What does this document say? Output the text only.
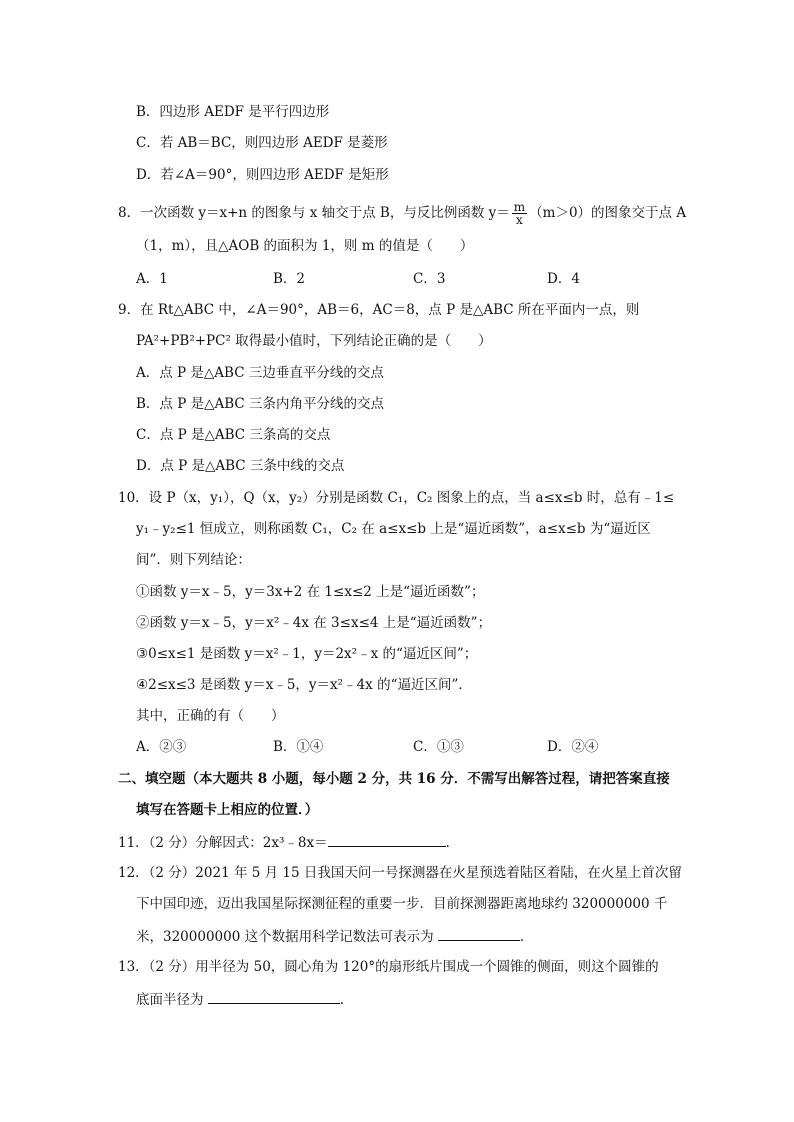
B．四边形 AEDF 是平行四边形
C．若 AB＝BC，则四边形 AEDF 是菱形
D．若∠A＝90°，则四边形 AEDF 是矩形
8．一次函数 y＝x+n 的图象与 x 轴交于点 B，与反比例函数 $y= \frac{m}{x} (m>0)$的图象交于点 A
（1，m），且△AOB 的面积为 1，则 m 的值是（　　）
A．1	B．2	C．3	D．4
9．在 Rt△ABC 中，∠A＝90°，AB＝6，AC＝8，点 P 是△ABC 所在平面内一点，则
PA²+PB²+PC² 取得最小值时，下列结论正确的是（　　）
A．点 P 是△ABC 三边垂直平分线的交点
B．点 P 是△ABC 三条内角平分线的交点
C．点 P 是△ABC 三条高的交点
D．点 P 是△ABC 三条中线的交点
10．设 P（x，y₁），Q（x，y₂）分别是函数 C₁，C₂ 图象上的点，当 a≤x≤b 时，总有﹣1≤
y₁﹣y₂≤1 恒成立，则称函数 C₁，C₂ 在 a≤x≤b 上是“逼近函数”，a≤x≤b 为“逼近区
间”．则下列结论：
①函数 y＝x﹣5，y＝3x+2 在 1≤x≤2 上是“逼近函数”；
②函数 y＝x﹣5，y＝x²﹣4x 在 3≤x≤4 上是“逼近函数”；
③0≤x≤1 是函数 y＝x²﹣1，y＝2x²﹣x 的“逼近区间”；
④2≤x≤3 是函数 y＝x﹣5，y＝x²﹣4x 的“逼近区间”．
其中，正确的有（　　）
A．②③	B．①④	C．①③	D．②④
二、填空题（本大题共 8 小题，每小题 2 分，共 16 分．不需写出解答过程，请把答案直接
填写在答题卡上相应的位置．）
11．（2 分）分解因式：2x³﹣8x＝	．
12．（2 分）2021 年 5 月 15 日我国天问一号探测器在火星预选着陆区着陆，在火星上首次留
下中国印迹，迈出我国星际探测征程的重要一步．目前探测器距离地球约 320000000 千
米，320000000 这个数据用科学记数法可表示为	．
13．（2 分）用半径为 50，圆心角为 120°的扇形纸片围成一个圆锥的侧面，则这个圆锥的
底面半径为	．
